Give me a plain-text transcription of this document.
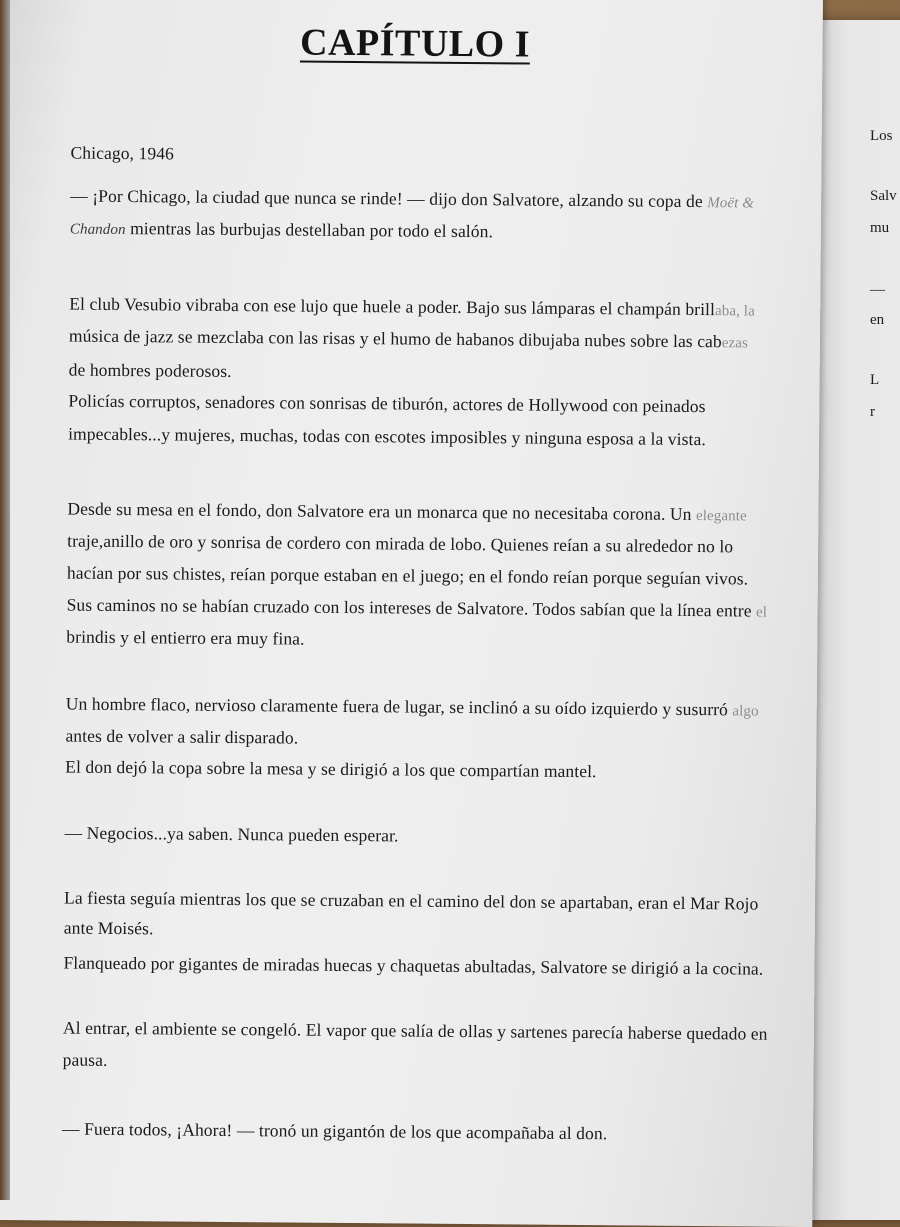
Los
Salv
mu
—
en
L
r
CAPÍTULO I
Chicago, 1946
— ¡Por Chicago, la ciudad que nunca se rinde! — dijo don Salvatore, alzando su copa de Moët &
Chandon mientras las burbujas destellaban por todo el salón.
El club Vesubio vibraba con ese lujo que huele a poder. Bajo sus lámparas el champán brillaba, la
música de jazz se mezclaba con las risas y el humo de habanos dibujaba nubes sobre las cabezas
de hombres poderosos.
Policías corruptos, senadores con sonrisas de tiburón, actores de Hollywood con peinados
impecables...y mujeres, muchas, todas con escotes imposibles y ninguna esposa a la vista.
Desde su mesa en el fondo, don Salvatore era un monarca que no necesitaba corona. Un elegante
traje,anillo de oro y sonrisa de cordero con mirada de lobo. Quienes reían a su alrededor no lo
hacían por sus chistes, reían porque estaban en el juego; en el fondo reían porque seguían vivos.
Sus caminos no se habían cruzado con los intereses de Salvatore. Todos sabían que la línea entre el
brindis y el entierro era muy fina.
Un hombre flaco, nervioso claramente fuera de lugar, se inclinó a su oído izquierdo y susurró algo
antes de volver a salir disparado.
El don dejó la copa sobre la mesa y se dirigió a los que compartían mantel.
— Negocios...ya saben. Nunca pueden esperar.
La fiesta seguía mientras los que se cruzaban en el camino del don se apartaban, eran el Mar Rojo
ante Moisés.
Flanqueado por gigantes de miradas huecas y chaquetas abultadas, Salvatore se dirigió a la cocina.
Al entrar, el ambiente se congeló. El vapor que salía de ollas y sartenes parecía haberse quedado en
pausa.
— Fuera todos, ¡Ahora! — tronó un gigantón de los que acompañaba al don.
